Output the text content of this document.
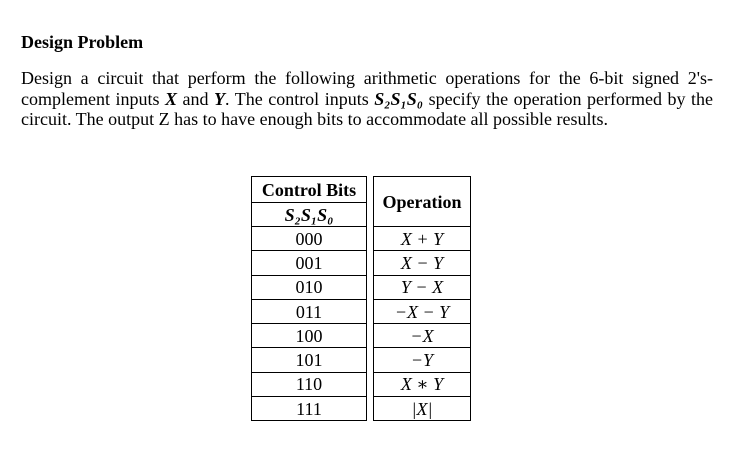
Design Problem

Design a circuit that perform the following arithmetic operations for the 6-bit signed 2's-complement inputs X and Y. The control inputs S₂S₁S₀ specify the operation performed by the circuit. The output Z has to have enough bits to accommodate all possible results.

Control Bits		Operation
S₂S₁S₀		
000		X + Y
001		X − Y
010		Y − X
011		−X − Y
100		−X
101		−Y
110		X ∗ Y
111		|X|
